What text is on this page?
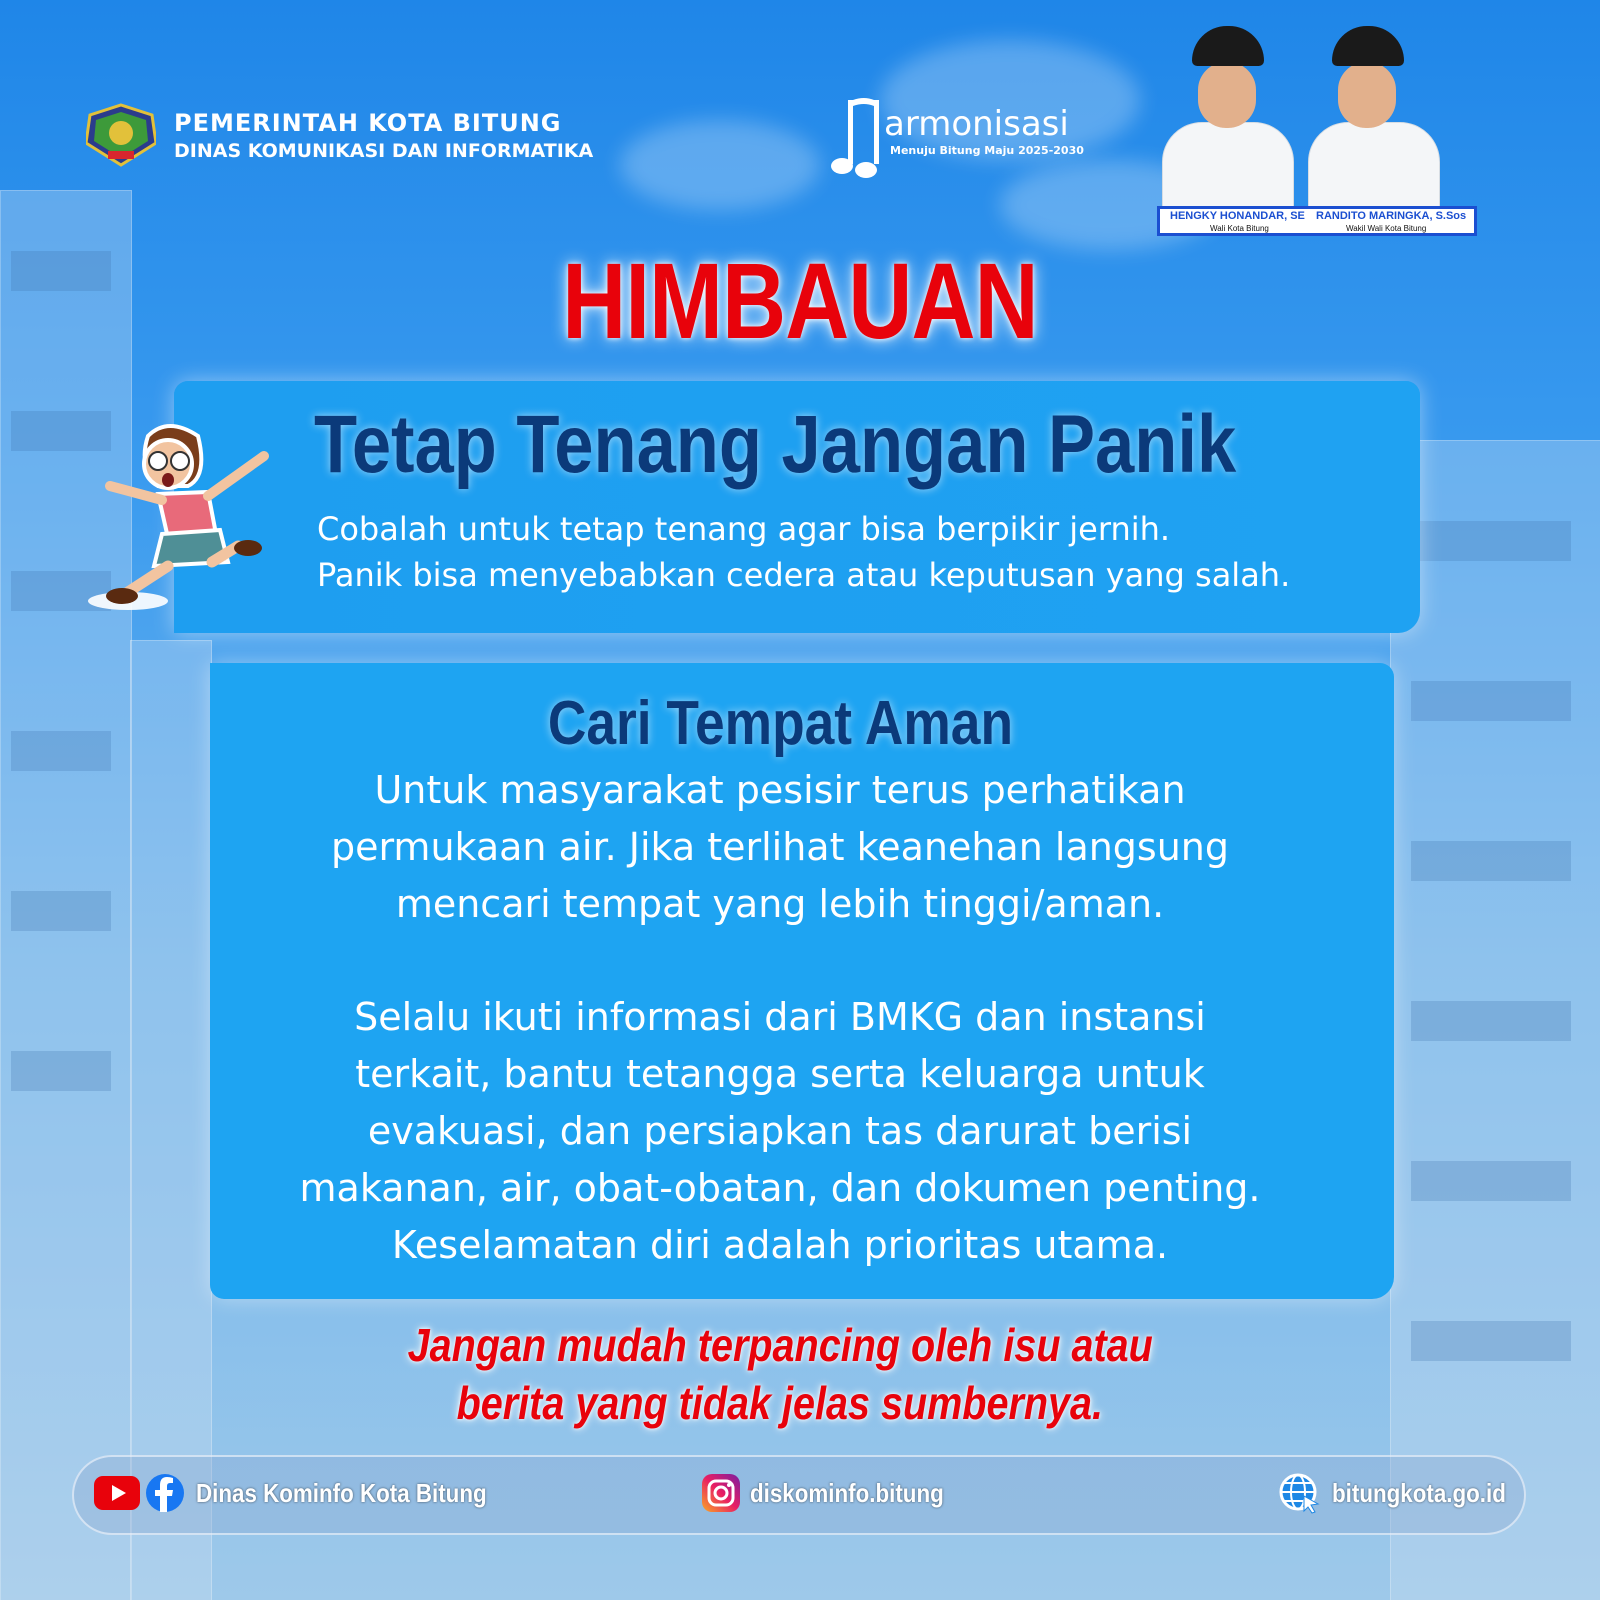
PEMERINTAH KOTA BITUNG
DINAS KOMUNIKASI DAN INFORMATIKA
armonisasi
Menuju Bitung Maju 2025-2030
HENGKY HONANDAR, SE
Wali Kota Bitung
RANDITO MARINGKA, S.Sos
Wakil Wali Kota Bitung
HIMBAUAN
Tetap Tenang Jangan Panik
Cobalah untuk tetap tenang agar bisa berpikir jernih.
Panik bisa menyebabkan cedera atau keputusan yang salah.
Cari Tempat Aman
Untuk masyarakat pesisir terus perhatikan
permukaan air. Jika terlihat keanehan langsung
mencari tempat yang lebih tinggi/aman.
Selalu ikuti informasi dari BMKG dan instansi
terkait, bantu tetangga serta keluarga untuk
evakuasi, dan persiapkan tas darurat berisi
makanan, air, obat-obatan, dan dokumen penting.
Keselamatan diri adalah prioritas utama.
Jangan mudah terpancing oleh isu atau
berita yang tidak jelas sumbernya.
Dinas Kominfo Kota Bitung	diskominfo.bitung	bitungkota.go.id
